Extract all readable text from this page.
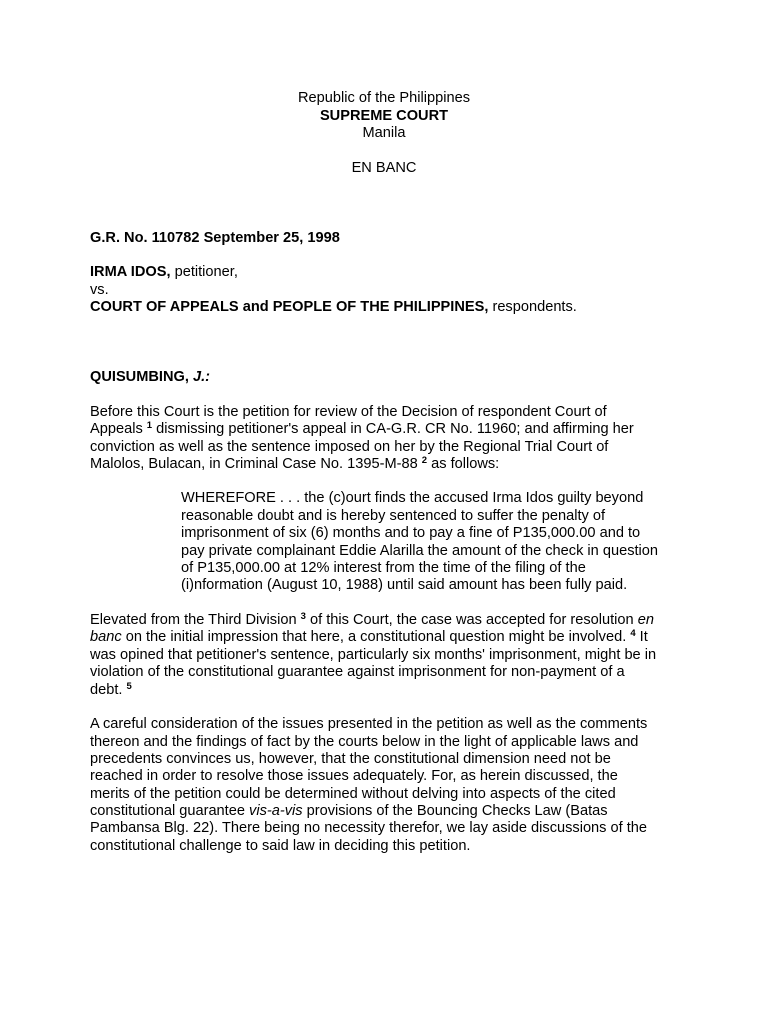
Republic of the Philippines
SUPREME COURT
Manila
EN BANC
G.R. No. 110782 September 25, 1998
IRMA IDOS, petitioner,
vs.
COURT OF APPEALS and PEOPLE OF THE PHILIPPINES, respondents.
QUISUMBING, J.:
Before this Court is the petition for review of the Decision of respondent Court of
Appeals $^1$ dismissing petitioner's appeal in CA-G.R. CR No. 11960; and affirming her
conviction as well as the sentence imposed on her by the Regional Trial Court of
Malolos, Bulacan, in Criminal Case No. 1395-M-88 $^2$ as follows:
WHEREFORE . . . the (c)ourt finds the accused Irma Idos guilty beyond
reasonable doubt and is hereby sentenced to suffer the penalty of
imprisonment of six (6) months and to pay a fine of P135,000.00 and to
pay private complainant Eddie Alarilla the amount of the check in question
of P135,000.00 at 12% interest from the time of the filing of the
(i)nformation (August 10, 1988) until said amount has been fully paid.
Elevated from the Third Division $^3$ of this Court, the case was accepted for resolution en
banc on the initial impression that here, a constitutional question might be involved. $^4$ It
was opined that petitioner's sentence, particularly six months' imprisonment, might be in
violation of the constitutional guarantee against imprisonment for non-payment of a
debt. $^5$
A careful consideration of the issues presented in the petition as well as the comments
thereon and the findings of fact by the courts below in the light of applicable laws and
precedents convinces us, however, that the constitutional dimension need not be
reached in order to resolve those issues adequately. For, as herein discussed, the
merits of the petition could be determined without delving into aspects of the cited
constitutional guarantee vis-a-vis provisions of the Bouncing Checks Law (Batas
Pambansa Blg. 22). There being no necessity therefor, we lay aside discussions of the
constitutional challenge to said law in deciding this petition.
